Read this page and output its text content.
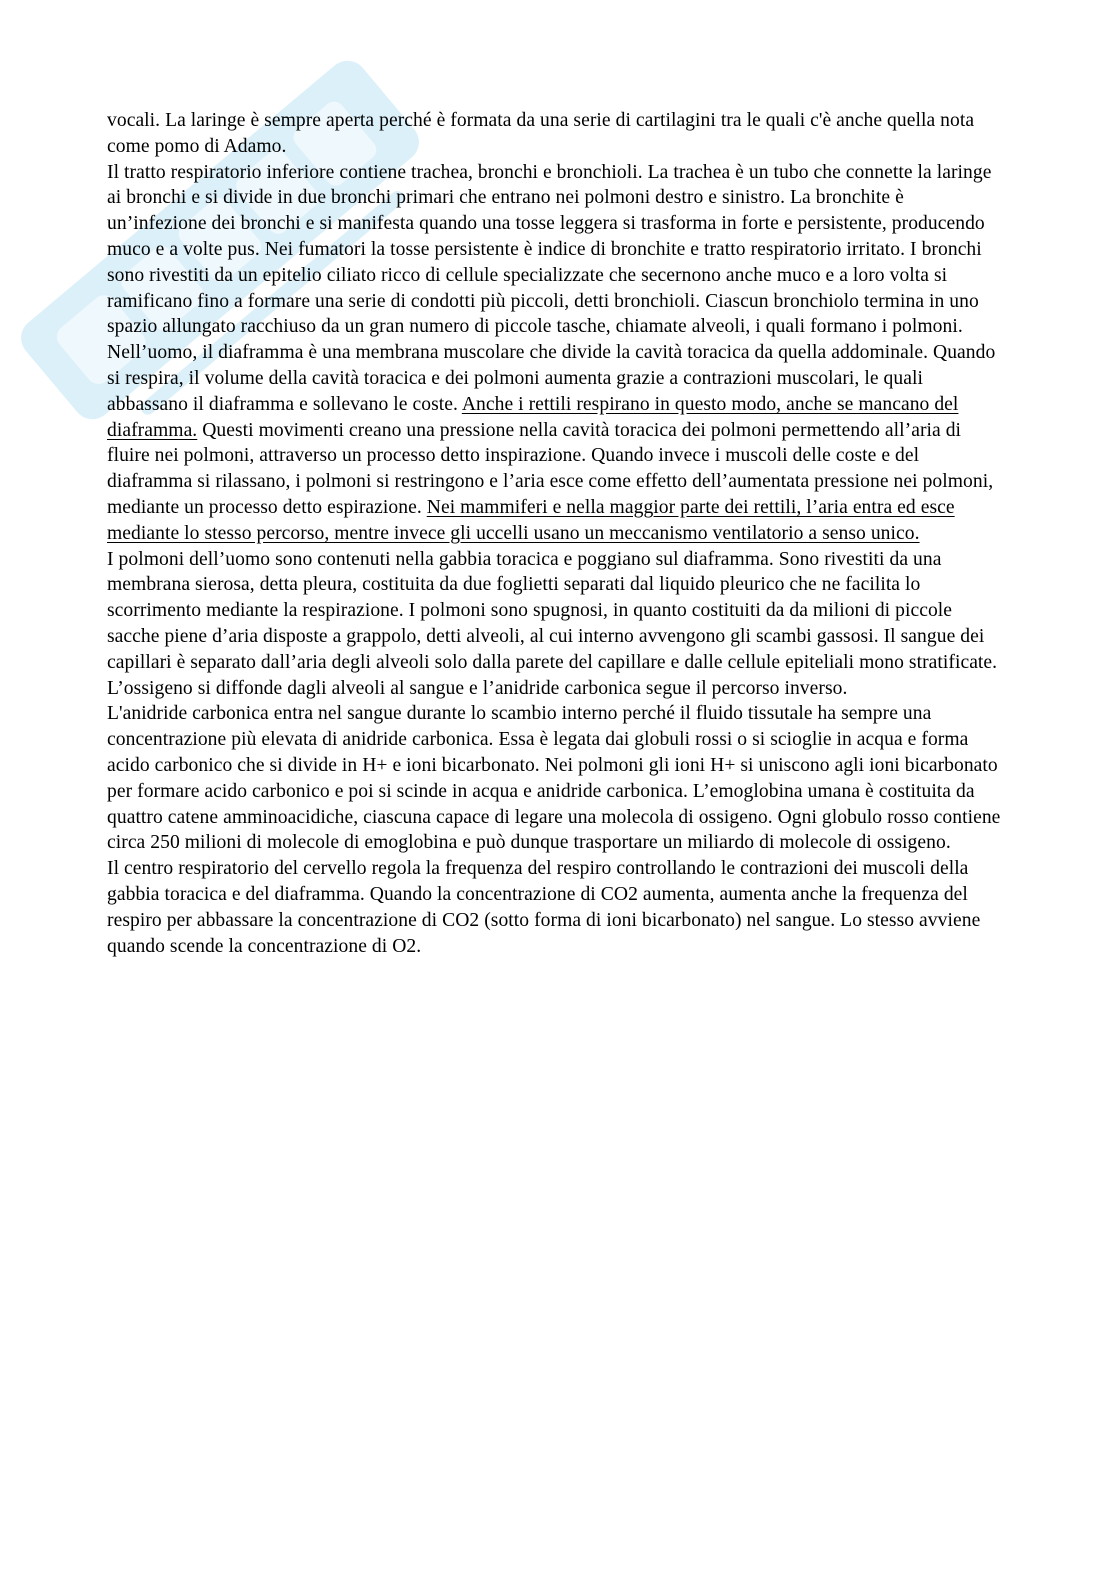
vocali. La laringe è sempre aperta perché è formata da una serie di cartilagini tra le quali c'è anche quella nota come pomo di Adamo.

Il tratto respiratorio inferiore contiene trachea, bronchi e bronchioli. La trachea è un tubo che connette la laringe ai bronchi e si divide in due bronchi primari che entrano nei polmoni destro e sinistro. La bronchite è un’infezione dei bronchi e si manifesta quando una tosse leggera si trasforma in forte e persistente, producendo muco e a volte pus. Nei fumatori la tosse persistente è indice di bronchite e tratto respiratorio irritato. I bronchi sono rivestiti da un epitelio ciliato ricco di cellule specializzate che secernono anche muco e a loro volta si ramificano fino a formare una serie di condotti più piccoli, detti bronchioli. Ciascun bronchiolo termina in uno spazio allungato racchiuso da un gran numero di piccole tasche, chiamate alveoli, i quali formano i polmoni.

Nell’uomo, il diaframma è una membrana muscolare che divide la cavità toracica da quella addominale. Quando si respira, il volume della cavità toracica e dei polmoni aumenta grazie a contrazioni muscolari, le quali abbassano il diaframma e sollevano le coste. Anche i rettili respirano in questo modo, anche se mancano del diaframma. Questi movimenti creano una pressione nella cavità toracica dei polmoni permettendo all’aria di fluire nei polmoni, attraverso un processo detto inspirazione. Quando invece i muscoli delle coste e del diaframma si rilassano, i polmoni si restringono e l’aria esce come effetto dell’aumentata pressione nei polmoni, mediante un processo detto espirazione. Nei mammiferi e nella maggior parte dei rettili, l’aria entra ed esce mediante lo stesso percorso, mentre invece gli uccelli usano un meccanismo ventilatorio a senso unico.

I polmoni dell’uomo sono contenuti nella gabbia toracica e poggiano sul diaframma. Sono rivestiti da una membrana sierosa, detta pleura, costituita da due foglietti separati dal liquido pleurico che ne facilita lo scorrimento mediante la respirazione. I polmoni sono spugnosi, in quanto costituiti da da milioni di piccole sacche piene d’aria disposte a grappolo, detti alveoli, al cui interno avvengono gli scambi gassosi. Il sangue dei capillari è separato dall’aria degli alveoli solo dalla parete del capillare e dalle cellule epiteliali mono stratificate. L’ossigeno si diffonde dagli alveoli al sangue e l’anidride carbonica segue il percorso inverso.

L'anidride carbonica entra nel sangue durante lo scambio interno perché il fluido tissutale ha sempre una concentrazione più elevata di anidride carbonica. Essa è legata dai globuli rossi o si scioglie in acqua e forma acido carbonico che si divide in H+ e ioni bicarbonato. Nei polmoni gli ioni H+ si uniscono agli ioni bicarbonato per formare acido carbonico e poi si scinde in acqua e anidride carbonica. L’emoglobina umana è costituita da quattro catene amminoacidiche, ciascuna capace di legare una molecola di ossigeno. Ogni globulo rosso contiene circa 250 milioni di molecole di emoglobina e può dunque trasportare un miliardo di molecole di ossigeno.

Il centro respiratorio del cervello regola la frequenza del respiro controllando le contrazioni dei muscoli della gabbia toracica e del diaframma. Quando la concentrazione di CO2 aumenta, aumenta anche la frequenza del respiro per abbassare la concentrazione di CO2 (sotto forma di ioni bicarbonato) nel sangue. Lo stesso avviene quando scende la concentrazione di O2.
